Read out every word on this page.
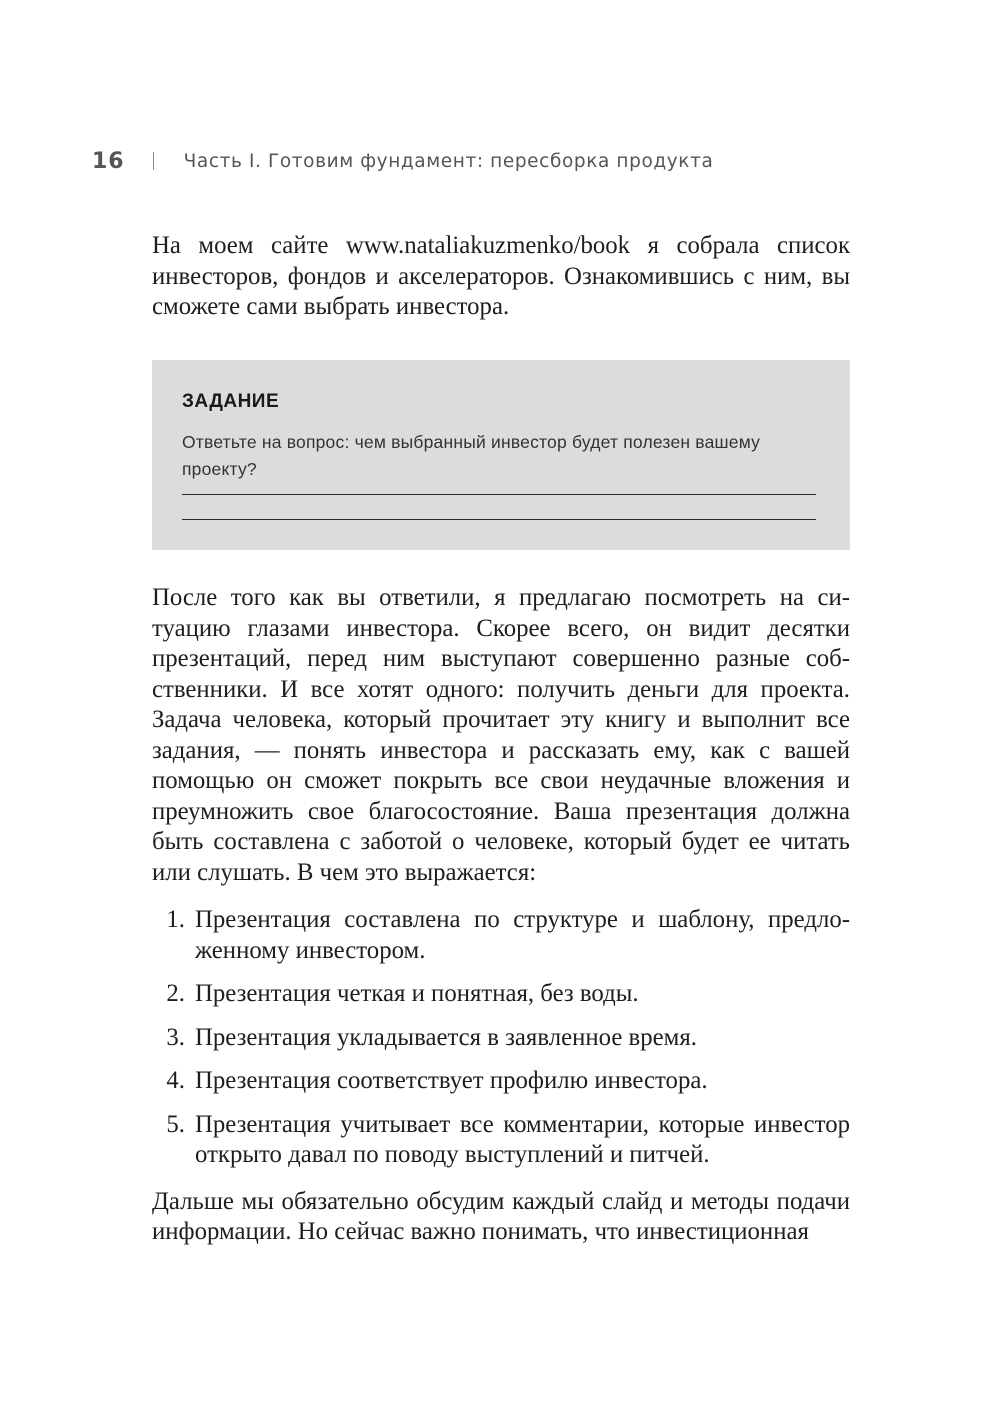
16	Часть I. Готовим фундамент: пересборка продукта

На моем сайте www.nataliakuzmenko/book я собрала список инвесторов, фондов и акселераторов. Ознакомившись с ним, вы сможете сами выбрать инвестора.

ЗАДАНИЕ
Ответьте на вопрос: чем выбранный инвестор будет полезен вашему проекту?

После того как вы ответили, я предлагаю посмотреть на ситуацию глазами инвестора. Скорее всего, он видит десятки презентаций, перед ним выступают совершенно разные собственники. И все хотят одного: получить деньги для проекта. Задача человека, который прочитает эту книгу и выполнит все задания, — понять инвестора и рассказать ему, как с вашей помощью он сможет покрыть все свои неудачные вложения и преумножить свое благосостояние. Ваша презентация должна быть составлена с заботой о человеке, который будет ее читать или слушать. В чем это выражается:

1. Презентация составлена по структуре и шаблону, предложенному инвестором.
2. Презентация четкая и понятная, без воды.
3. Презентация укладывается в заявленное время.
4. Презентация соответствует профилю инвестора.
5. Презентация учитывает все комментарии, которые инвестор открыто давал по поводу выступлений и питчей.

Дальше мы обязательно обсудим каждый слайд и методы подачи информации. Но сейчас важно понимать, что инвестиционная
